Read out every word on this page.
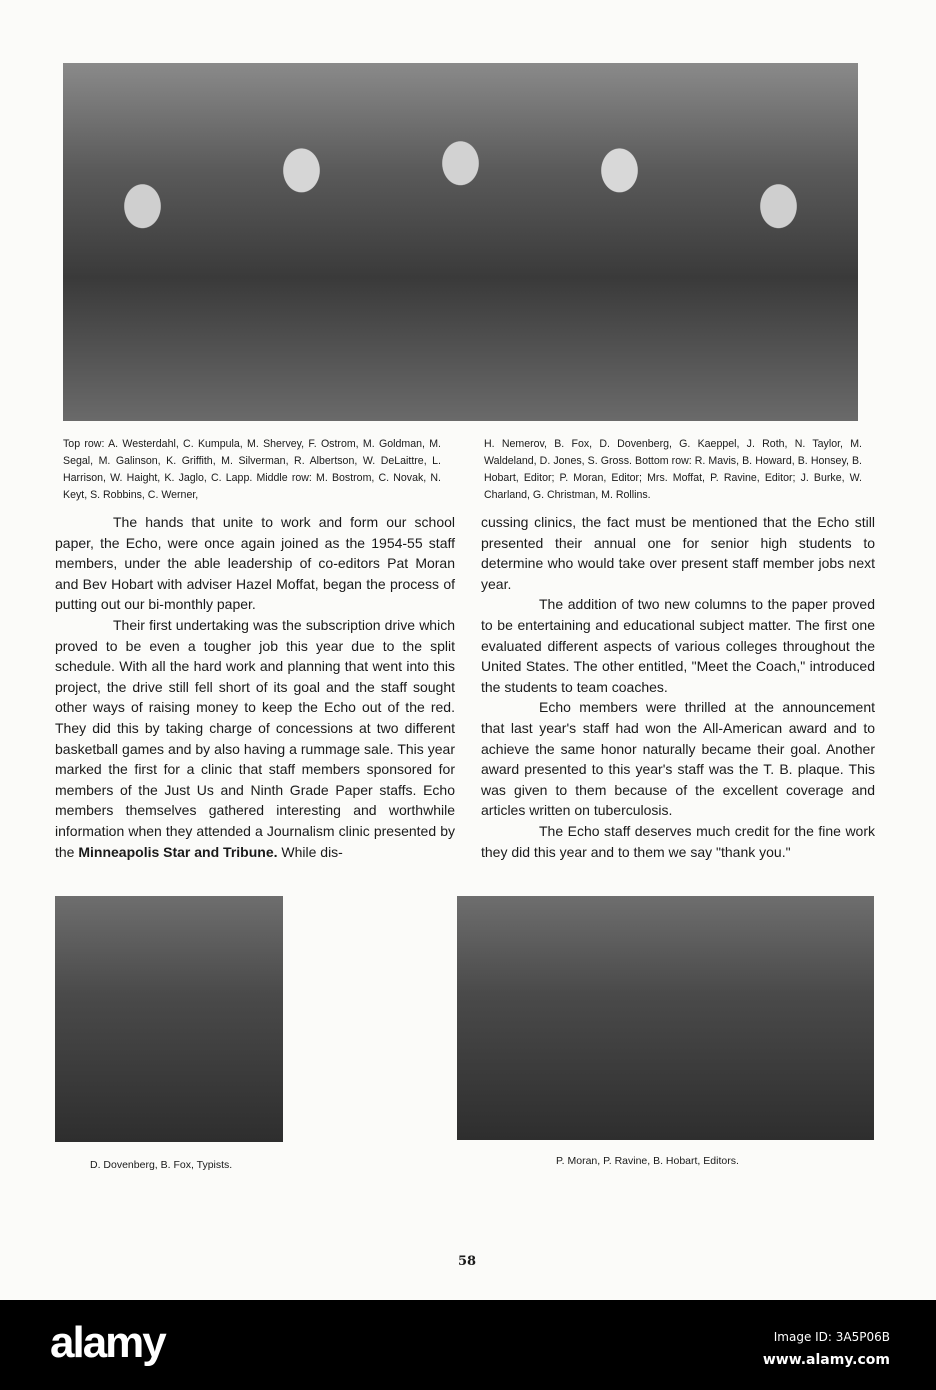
Top row: A. Westerdahl, C. Kumpula, M. Shervey, F. Ostrom, M. Goldman, M. Segal, M. Galinson, K. Griffith, M. Silverman, R. Albertson, W. DeLaittre, L. Harrison, W. Haight, K. Jaglo, C. Lapp. Middle row: M. Bostrom, C. Novak, N. Keyt, S. Robbins, C. Werner,
H. Nemerov, B. Fox, D. Dovenberg, G. Kaeppel, J. Roth, N. Taylor, M. Waldeland, D. Jones, S. Gross. Bottom row: R. Mavis, B. Howard, B. Honsey, B. Hobart, Editor; P. Moran, Editor; Mrs. Moffat, P. Ravine, Editor; J. Burke, W. Charland, G. Christman, M. Rollins.

The hands that unite to work and form our school paper, the Echo, were once again joined as the 1954-55 staff members, under the able leadership of co-editors Pat Moran and Bev Hobart with adviser Hazel Moffat, began the process of putting out our bi-monthly paper.

Their first undertaking was the subscription drive which proved to be even a tougher job this year due to the split schedule. With all the hard work and planning that went into this project, the drive still fell short of its goal and the staff sought other ways of raising money to keep the Echo out of the red. They did this by taking charge of concessions at two different basketball games and by also having a rummage sale. This year marked the first for a clinic that staff members sponsored for members of the Just Us and Ninth Grade Paper staffs. Echo members themselves gathered interesting and worthwhile information when they attended a Journalism clinic presented by the Minneapolis Star and Tribune. While dis-

cussing clinics, the fact must be mentioned that the Echo still presented their annual one for senior high students to determine who would take over present staff member jobs next year.

The addition of two new columns to the paper proved to be entertaining and educational subject matter. The first one evaluated different aspects of various colleges throughout the United States. The other entitled, "Meet the Coach," introduced the students to team coaches.

Echo members were thrilled at the announcement that last year's staff had won the All-American award and to achieve the same honor naturally became their goal. Another award presented to this year's staff was the T. B. plaque. This was given to them because of the excellent coverage and articles written on tuberculosis.

The Echo staff deserves much credit for the fine work they did this year and to them we say "thank you."

D. Dovenberg, B. Fox, Typists.	P. Moran, P. Ravine, B. Hobart, Editors.
58
alamy	Image ID: 3A5P06B
www.alamy.com
